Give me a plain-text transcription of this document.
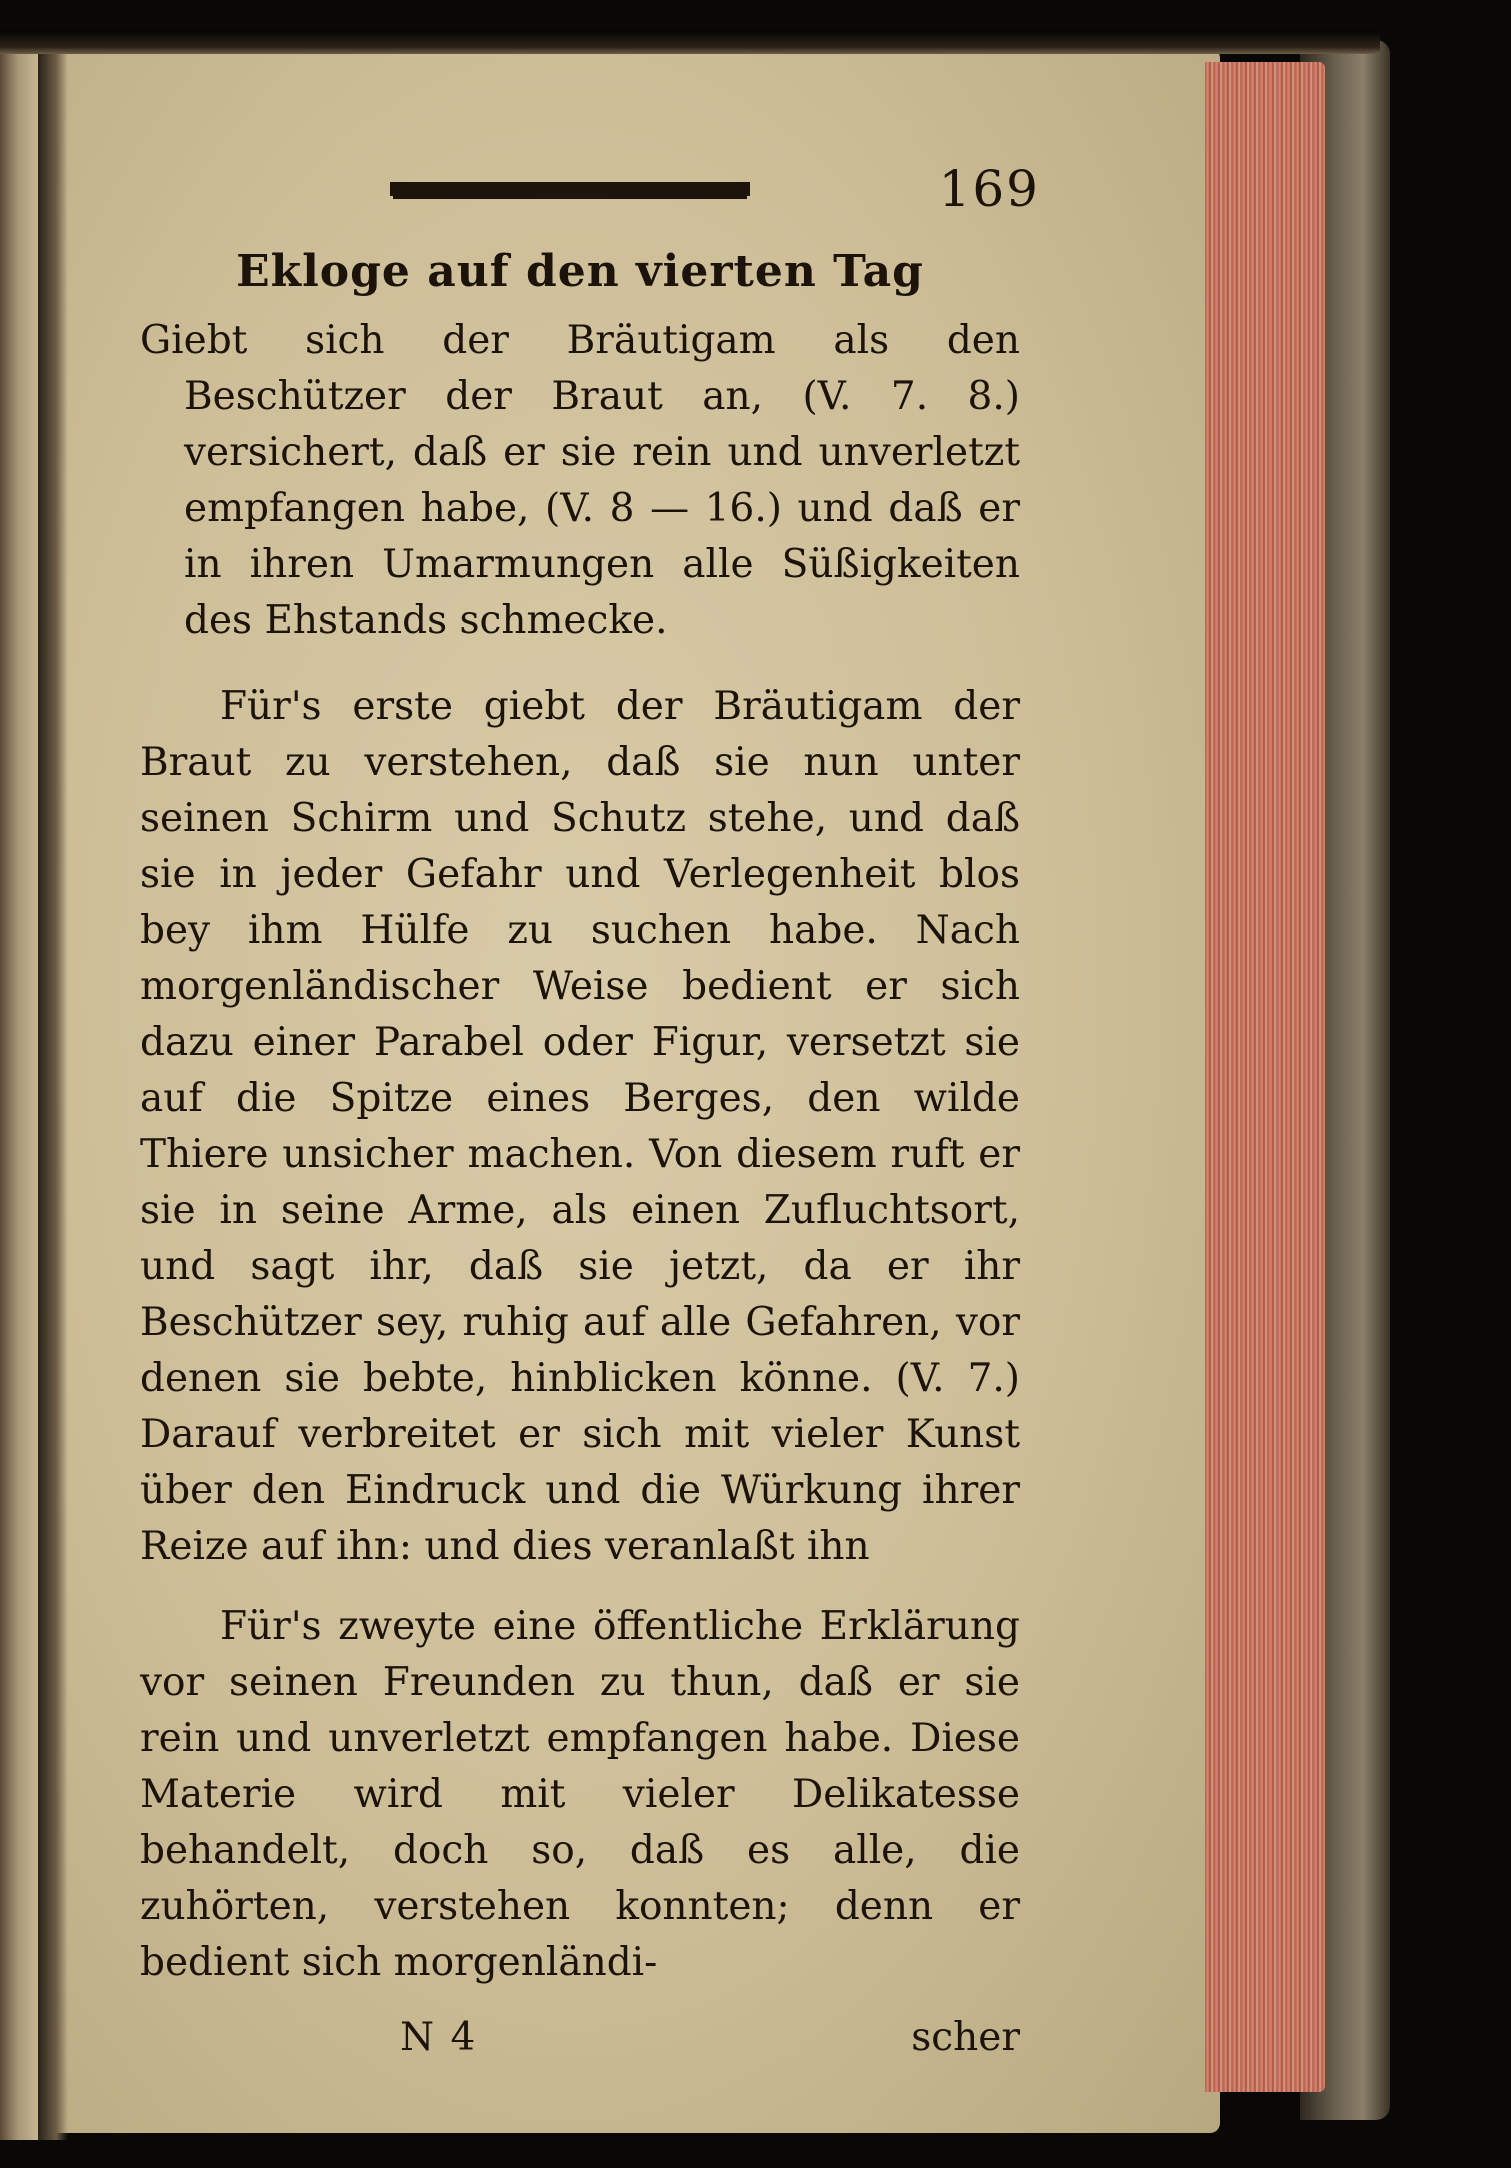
169
Ekloge auf den vierten Tag

Giebt sich der Bräutigam als den Beschützer der Braut an, (V. 7. 8.) versichert, daß er sie rein und unverletzt empfangen habe, (V. 8 — 16.) und daß er in ihren Umarmungen alle Süßigkeiten des Ehstands schmecke.

Für's erste giebt der Bräutigam der Braut zu verstehen, daß sie nun unter seinen Schirm und Schutz stehe, und daß sie in jeder Gefahr und Verlegenheit blos bey ihm Hülfe zu suchen habe. Nach morgenländischer Weise bedient er sich dazu einer Parabel oder Figur, versetzt sie auf die Spitze eines Berges, den wilde Thiere unsicher machen. Von diesem ruft er sie in seine Arme, als einen Zufluchtsort, und sagt ihr, daß sie jetzt, da er ihr Beschützer sey, ruhig auf alle Gefahren, vor denen sie bebte, hinblicken könne. (V. 7.) Darauf verbreitet er sich mit vieler Kunst über den Eindruck und die Würkung ihrer Reize auf ihn: und dies veranlaßt ihn

Für's zweyte eine öffentliche Erklärung vor seinen Freunden zu thun, daß er sie rein und unverletzt empfangen habe. Diese Materie wird mit vieler Delikatesse behandelt, doch so, daß es alle, die zuhörten, verstehen konnten; denn er bedient sich morgenländi-

N 4	scher
